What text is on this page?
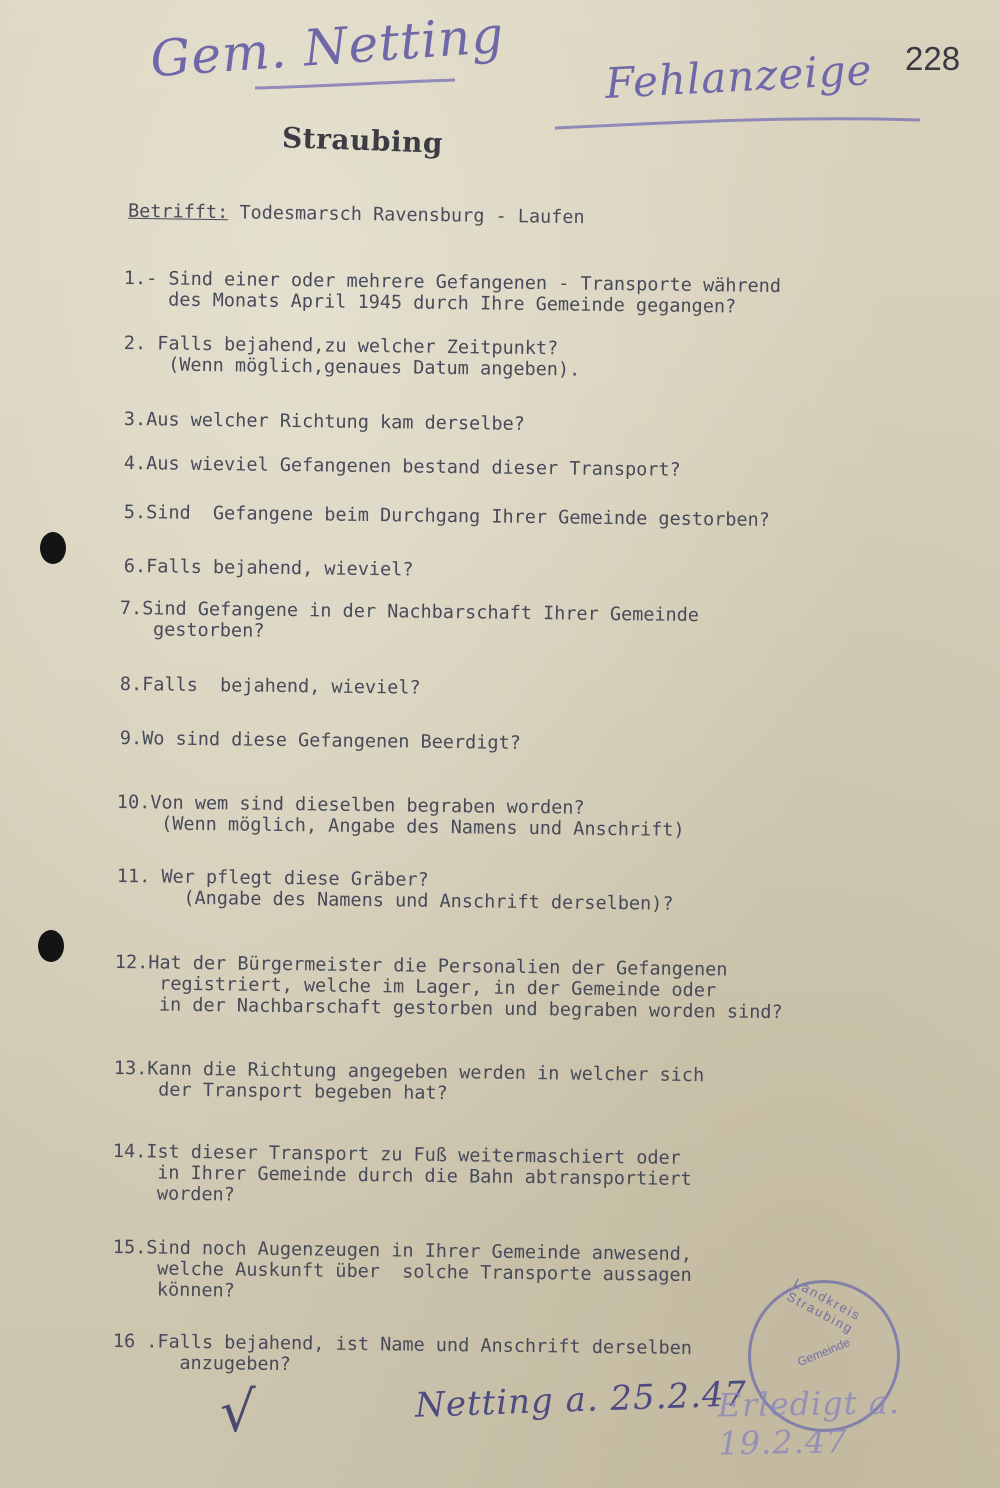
Gem. Netting Fehlanzeige 228
Straubing
Betrifft: Todesmarsch Ravensburg - Laufen
1.- Sind einer oder mehrere Gefangenen - Transporte während
des Monats April 1945 durch Ihre Gemeinde gegangen?
2. Falls bejahend,zu welcher Zeitpunkt?
(Wenn möglich,genaues Datum angeben).
3.Aus welcher Richtung kam derselbe?
4.Aus wieviel Gefangenen bestand dieser Transport?
5.Sind  Gefangene beim Durchgang Ihrer Gemeinde gestorben?
6.Falls bejahend, wieviel?
7.Sind Gefangene in der Nachbarschaft Ihrer Gemeinde
gestorben?
8.Falls  bejahend, wieviel?
9.Wo sind diese Gefangenen Beerdigt?
10.Von wem sind dieselben begraben worden?
(Wenn möglich, Angabe des Namens und Anschrift)
11. Wer pflegt diese Gräber?
(Angabe des Namens und Anschrift derselben)?
12.Hat der Bürgermeister die Personalien der Gefangenen
registriert, welche im Lager, in der Gemeinde oder
in der Nachbarschaft gestorben und begraben worden sind?
13.Kann die Richtung angegeben werden in welcher sich
der Transport begeben hat?
14.Ist dieser Transport zu Fuß weitermaschiert oder
in Ihrer Gemeinde durch die Bahn abtransportiert
worden?
15.Sind noch Augenzeugen in Ihrer Gemeinde anwesend,
welche Auskunft über  solche Transporte aussagen
können?
16 .Falls bejahend, ist Name und Anschrift derselben
anzugeben?
Landkreis Straubing
Gemeinde
√	Netting a. 25.2.47
Erledigt a. 19.2.47
